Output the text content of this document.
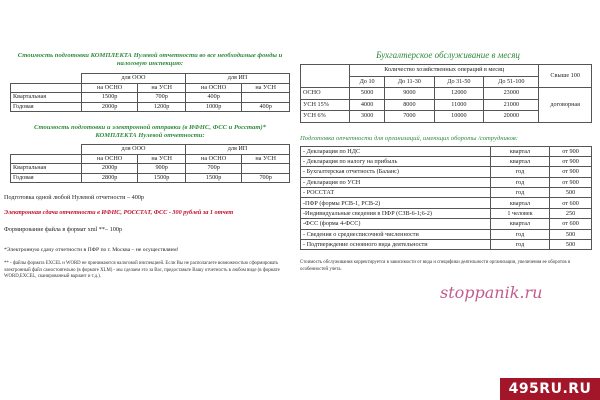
Стоимость подготовки КОМПЛЕКТА Нулевой отчетности во все необходимые фонды и налоговую инспекцию:
	для ООО		для ИП	
	на ОСНО	на УСН	на ОСНО	на УСН
Квартальная	1500р	700р	400р	
Годовая	2000р	1200р	1000р	400р
Стоимость подготовки и электронной отправки (в ИФНС, ФСС и Росстат)* КОМПЛЕКТА Нулевой отчетности:
	для ООО		для ИП	
	на ОСНО	на УСН	на ОСНО	на УСН
Квартальная	2000р	900р	700р	
Годовая	2800р	1500р	1500р	700р
Подготовка одной любой Нулевой отчетности – 400р
Электронная сдача отчетности в ИФНС, РОССТАТ, ФСС - 300 рублей за 1 отчет
Формирование файла в формат xml **– 100р
*Электронную сдачу отчетности в ПФР по г. Москва – не осуществляем!
** - файлы формата EXCEL и WORD не принимаются налоговой инспекцией. Если Вы не располагаете возможностью сформировать электронный файл самостоятельно (в формате XLM) - мы сделаем это за Вас, предоставьте Вашу отчетность в любом виде (в формате WORD,EXCEL, сканированный вариант и т.д.).
Бухгалтерское обслуживание в месяц
	Количество хозяйственных операций в месяц				Свыше 100
	До 10	До 11-30	До 31-50	До 51-100	
ОСНО	5000	9000	12000	23000	договорная
УСН 15%	4000	8000	11000	21000	
УСН 6%	3000	7000	10000	20000	
Подготовка отчетности для организаций, имеющих обороты /сотрудников:
- Декларация по НДС	квартал	от 900
- Декларация по налогу на прибыль	квартал	от 900
- Бухгалтерская отчетность (Баланс)	год	от 900
- Декларация по УСН	год	от 900
- РОССТАТ	год	500
-ПФР (формы РСВ-1, РСВ-2)	квартал	от 600
-Индивидуальные сведения в ПФР (СЗВ-6-1;6-2)	1 человек	250
-ФСС (форма 4-ФСС)	квартал	от 600
- Сведения о среднесписочной численности	год	500
- Подтверждение основного вида деятельности	год	500
Стоимость обслуживания корректируется в зависимости от вида и специфики деятельности организации, увеличения ее оборотов и особенностей учета.
stoppanik.ru
495RU.RU
